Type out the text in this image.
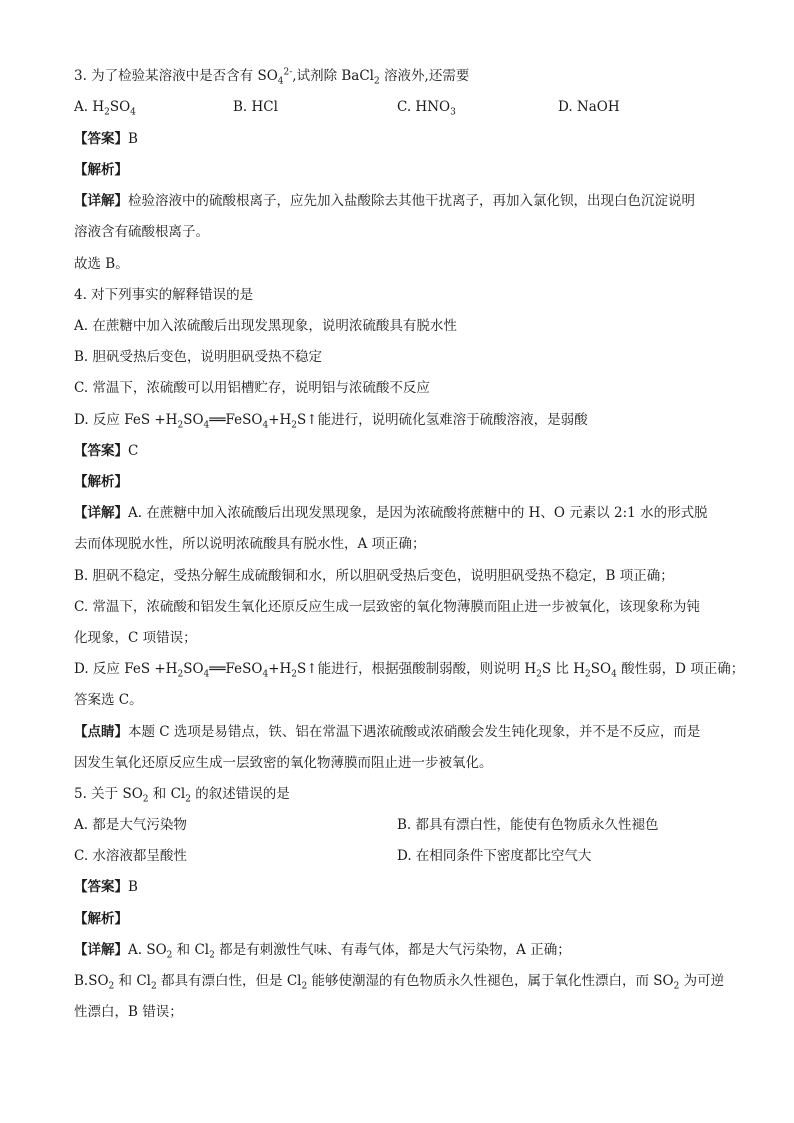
3. 为了检验某溶液中是否含有 $SO_4^{2-}$,试剂除 BaCl$_2$ 溶液外,还需要
A. $H_2SO_4$	B. HCl	C. $HNO_3$	D. NaOH
【答案】B
【解析】
【详解】检验溶液中的硫酸根离子，应先加入盐酸除去其他干扰离子，再加入氯化钡，出现白色沉淀说明
溶液含有硫酸根离子。
故选 B。
4. 对下列事实的解释错误的是
A. 在蔗糖中加入浓硫酸后出现发黑现象，说明浓硫酸具有脱水性
B. 胆矾受热后变色，说明胆矾受热不稳定
C. 常温下，浓硫酸可以用铝槽贮存，说明铝与浓硫酸不反应
D. 反应 FeS $+H_2SO_4══FeSO_4+H_2S↑$能进行，说明硫化氢难溶于硫酸溶液，是弱酸
【答案】C
【解析】
【详解】A. 在蔗糖中加入浓硫酸后出现发黑现象，是因为浓硫酸将蔗糖中的 H、O 元素以 2:1 水的形式脱
去而体现脱水性，所以说明浓硫酸具有脱水性，A 项正确；
B. 胆矾不稳定，受热分解生成硫酸铜和水，所以胆矾受热后变色，说明胆矾受热不稳定，B 项正确；
C. 常温下，浓硫酸和铝发生氧化还原反应生成一层致密的氧化物薄膜而阻止进一步被氧化，该现象称为钝
化现象，C 项错误；
D. 反应 FeS $+H_2SO_4══FeSO_4+H_2S↑$能进行，根据强酸制弱酸，则说明 $H_2S$ 比 $H_2SO_4$ 酸性弱，D 项正确；
答案选 C。
【点睛】本题 C 选项是易错点，铁、铝在常温下遇浓硫酸或浓硝酸会发生钝化现象，并不是不反应，而是
因发生氧化还原反应生成一层致密的氧化物薄膜而阻止进一步被氧化。
5. 关于 $SO_2$ 和 $Cl_2$ 的叙述错误的是
A. 都是大气污染物	B. 都具有漂白性，能使有色物质永久性褪色
C. 水溶液都呈酸性	D. 在相同条件下密度都比空气大
【答案】B
【解析】
【详解】A. $SO_2$ 和 $Cl_2$ 都是有刺激性气味、有毒气体，都是大气污染物，A 正确；
$B.SO_2$ 和 $Cl_2$ 都具有漂白性，但是 $Cl_2$ 能够使潮湿的有色物质永久性褪色，属于氧化性漂白，而 $SO_2$ 为可逆
性漂白，B 错误；
